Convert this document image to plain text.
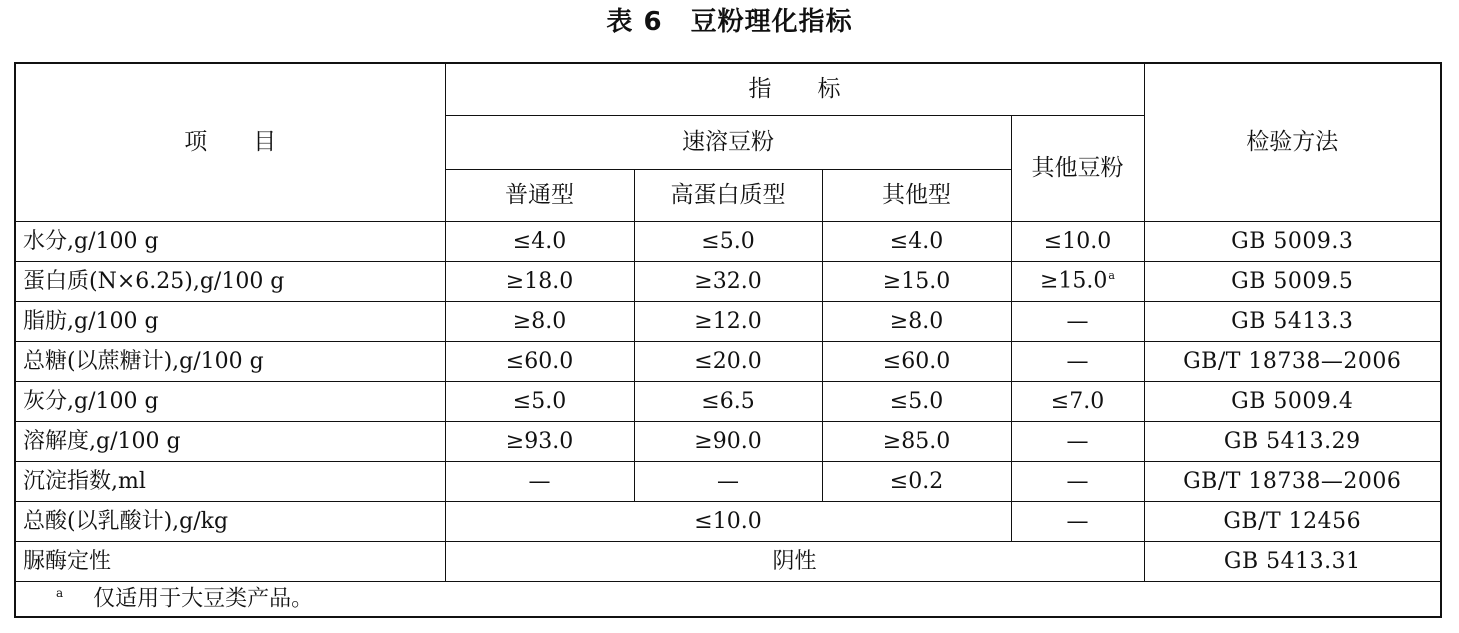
表 6 豆粉理化指标
项　　目	指　　标				检验方法
	速溶豆粉			其他豆粉	
	普通型	高蛋白质型	其他型		
水分,g/100 g	≤4.0	≤5.0	≤4.0	≤10.0	GB 5009.3
蛋白质(N×6.25),g/100 g	≥18.0	≥32.0	≥15.0	≥15.0$^a$	GB 5009.5
脂肪,g/100 g	≥8.0	≥12.0	≥8.0	—	GB 5413.3
总糖(以蔗糖计),g/100 g	≤60.0	≤20.0	≤60.0	—	GB/T 18738—2006
灰分,g/100 g	≤5.0	≤6.5	≤5.0	≤7.0	GB 5009.4
溶解度,g/100 g	≥93.0	≥90.0	≥85.0	—	GB 5413.29
沉淀指数,ml	—	—	≤0.2	—	GB/T 18738—2006
总酸(以乳酸计),g/kg	≤10.0			—	GB/T 12456
脲酶定性	阴性				GB 5413.31
$^a$ 仅适用于大豆类产品。					
